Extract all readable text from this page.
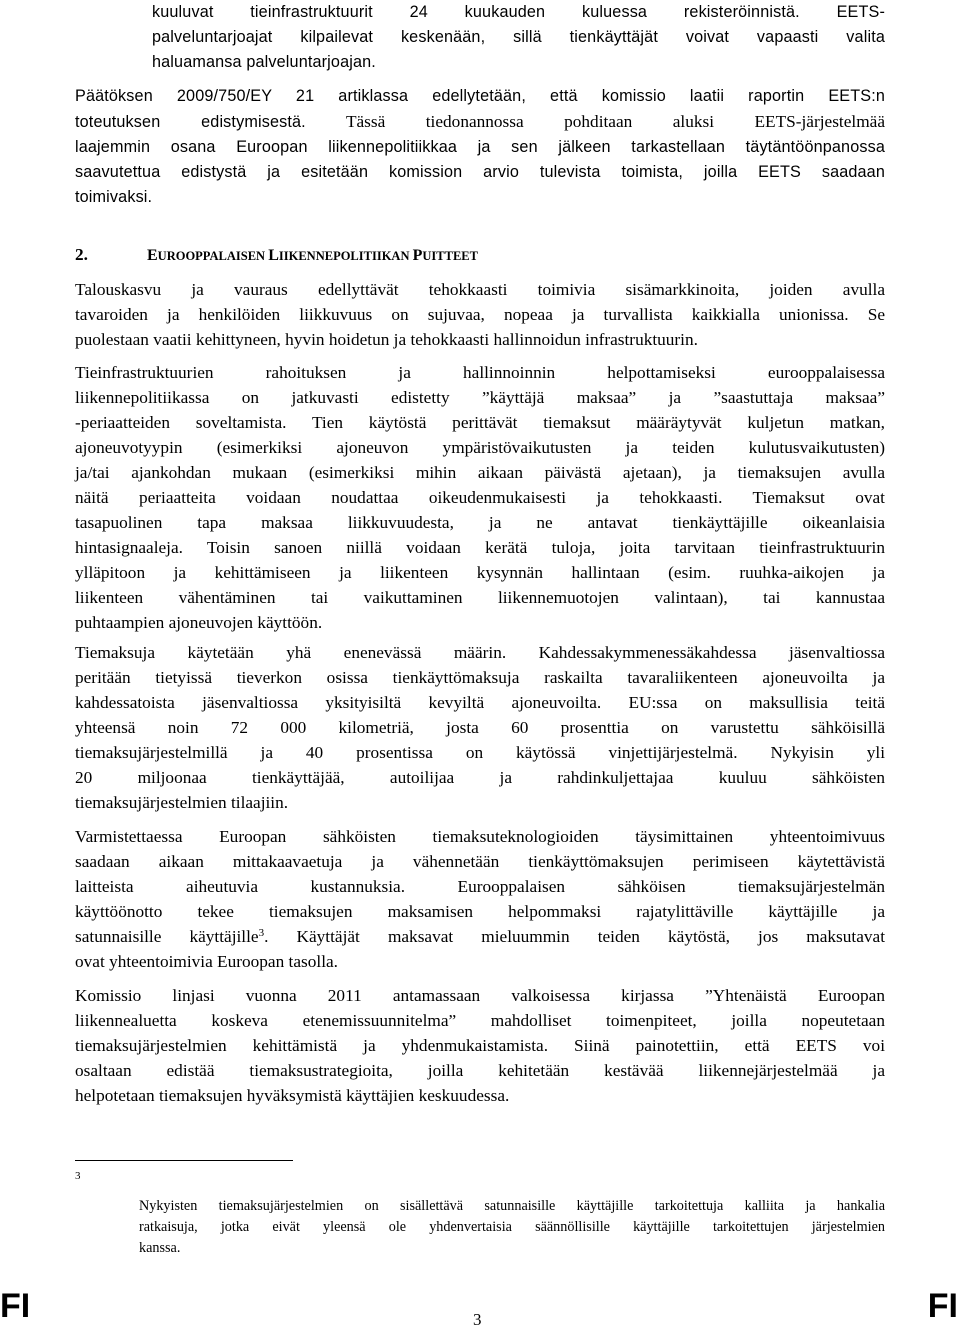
kuuluvat tieinfrastruktuurit 24 kuukauden kuluessa rekisteröinnistä. EETS-
palveluntarjoajat kilpailevat keskenään, sillä tienkäyttäjät voivat vapaasti valita
haluamansa palveluntarjoajan.
Päätöksen 2009/750/EY 21 artiklassa edellytetään, että komissio laatii raportin EETS:n
toteutuksen edistymisestä. Tässä tiedonannossa pohditaan aluksi EETS-järjestelmää
laajemmin osana Euroopan liikennepolitiikkaa ja sen jälkeen tarkastellaan täytäntöönpanossa
saavutettua edistystä ja esitetään komission arvio tulevista toimista, joilla EETS saadaan
toimivaksi.
2.	EUROOPPALAISEN LIIKENNEPOLITIIKAN PUITTEET
Talouskasvu ja vauraus edellyttävät tehokkaasti toimivia sisämarkkinoita, joiden avulla
tavaroiden ja henkilöiden liikkuvuus on sujuvaa, nopeaa ja turvallista kaikkialla unionissa. Se
puolestaan vaatii kehittyneen, hyvin hoidetun ja tehokkaasti hallinnoidun infrastruktuurin.
Tieinfrastruktuurien rahoituksen ja hallinnoinnin helpottamiseksi eurooppalaisessa
liikennepolitiikassa on jatkuvasti edistetty ”käyttäjä maksaa” ja ”saastuttaja maksaa”
-periaatteiden soveltamista. Tien käytöstä perittävät tiemaksut määräytyvät kuljetun matkan,
ajoneuvotyypin (esimerkiksi ajoneuvon ympäristövaikutusten ja teiden kulutusvaikutusten)
ja/tai ajankohdan mukaan (esimerkiksi mihin aikaan päivästä ajetaan), ja tiemaksujen avulla
näitä periaatteita voidaan noudattaa oikeudenmukaisesti ja tehokkaasti. Tiemaksut ovat
tasapuolinen tapa maksaa liikkuvuudesta, ja ne antavat tienkäyttäjille oikeanlaisia
hintasignaaleja. Toisin sanoen niillä voidaan kerätä tuloja, joita tarvitaan tieinfrastruktuurin
ylläpitoon ja kehittämiseen ja liikenteen kysynnän hallintaan (esim. ruuhka-aikojen ja
liikenteen vähentäminen tai vaikuttaminen liikennemuotojen valintaan), tai kannustaa
puhtaampien ajoneuvojen käyttöön.
Tiemaksuja käytetään yhä enenevässä määrin. Kahdessakymmenessäkahdessa jäsenvaltiossa
peritään tietyissä tieverkon osissa tienkäyttömaksuja raskailta tavaraliikenteen ajoneuvoilta ja
kahdessatoista jäsenvaltiossa yksityisiltä kevyiltä ajoneuvoilta. EU:ssa on maksullisia teitä
yhteensä noin 72 000 kilometriä, josta 60 prosenttia on varustettu sähköisillä
tiemaksujärjestelmillä ja 40 prosentissa on käytössä vinjettijärjestelmä. Nykyisin yli
20 miljoonaa tienkäyttäjää, autoilijaa ja rahdinkuljettajaa kuuluu sähköisten
tiemaksujärjestelmien tilaajiin.
Varmistettaessa Euroopan sähköisten tiemaksuteknologioiden täysimittainen yhteentoimivuus
saadaan aikaan mittakaavaetuja ja vähennetään tienkäyttömaksujen perimiseen käytettävistä
laitteista aiheutuvia kustannuksia. Eurooppalaisen sähköisen tiemaksujärjestelmän
käyttöönotto tekee tiemaksujen maksamisen helpommaksi rajatylittäville käyttäjille ja
satunnaisille käyttäjille$^3$. Käyttäjät maksavat mieluummin teiden käytöstä, jos maksutavat
ovat yhteentoimivia Euroopan tasolla.
Komissio linjasi vuonna 2011 antamassaan valkoisessa kirjassa ”Yhtenäistä Euroopan
liikennealuetta koskeva etenemissuunnitelma” mahdolliset toimenpiteet, joilla nopeutetaan
tiemaksujärjestelmien kehittämistä ja yhdenmukaistamista. Siinä painotettiin, että EETS voi
osaltaan edistää tiemaksustrategioita, joilla kehitetään kestävää liikennejärjestelmää ja
helpotetaan tiemaksujen hyväksymistä käyttäjien keskuudessa.
3
Nykyisten tiemaksujärjestelmien on sisällettävä satunnaisille käyttäjille tarkoitettuja kalliita ja hankalia
ratkaisuja, jotka eivät yleensä ole yhdenvertaisia säännöllisille käyttäjille tarkoitettujen järjestelmien
kanssa.
FI	3	FI
